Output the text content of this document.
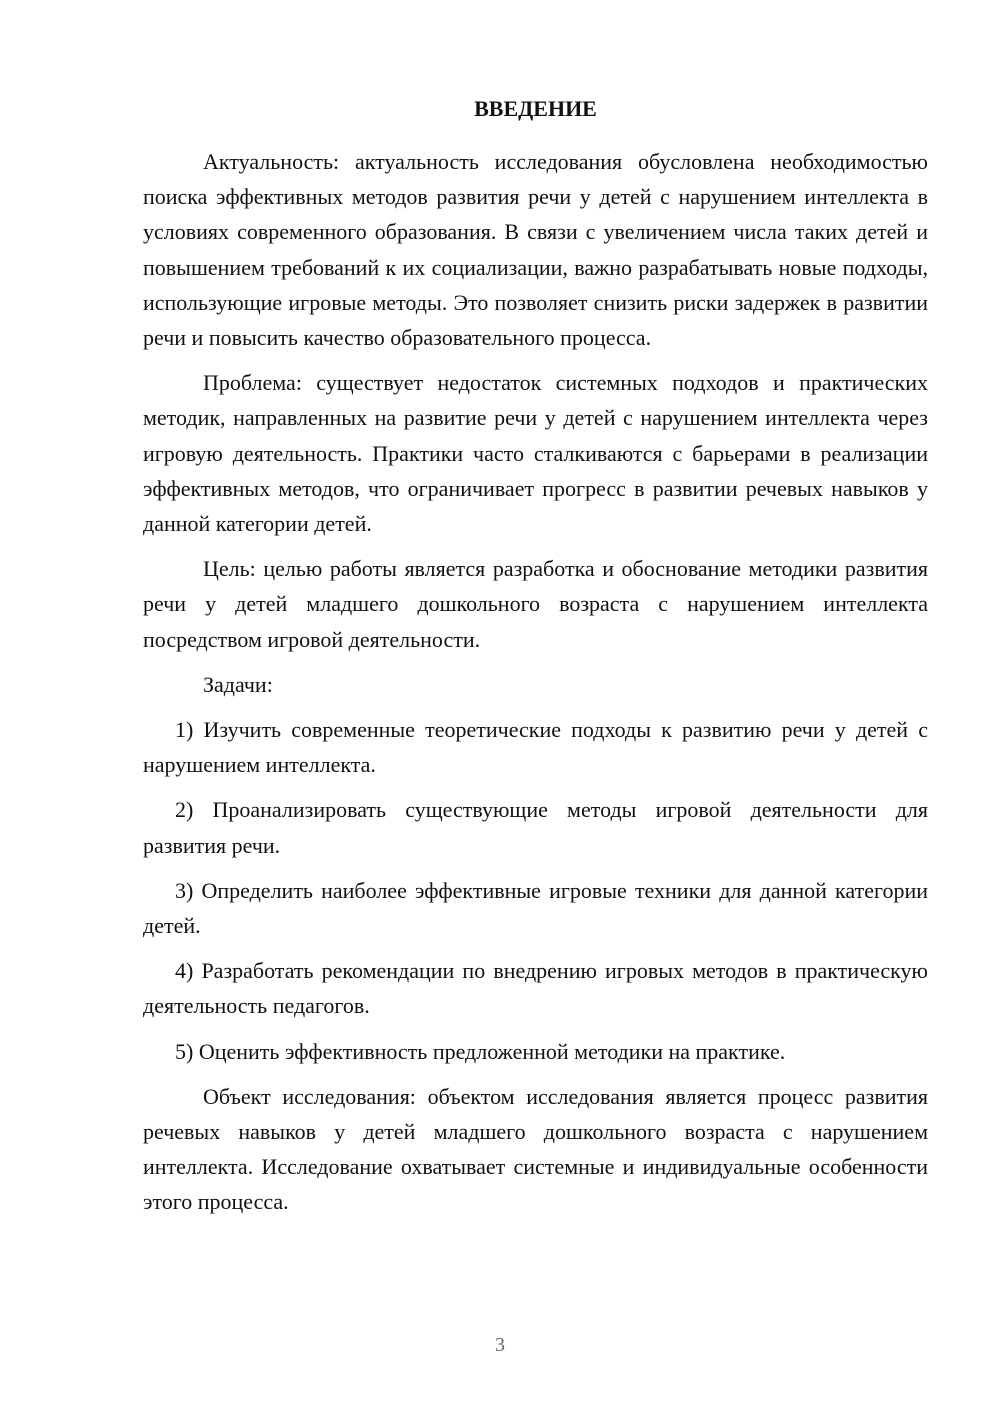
ВВЕДЕНИЕ

Актуальность: актуальность исследования обусловлена необходимостью поиска эффективных методов развития речи у детей с нарушением интеллекта в условиях современного образования. В связи с увеличением числа таких детей и повышением требований к их социализации, важно разрабатывать новые подходы, использующие игровые методы. Это позволяет снизить риски задержек в развитии речи и повысить качество образовательного процесса.

Проблема: существует недостаток системных подходов и практических методик, направленных на развитие речи у детей с нарушением интеллекта через игровую деятельность. Практики часто сталкиваются с барьерами в реализации эффективных методов, что ограничивает прогресс в развитии речевых навыков у данной категории детей.

Цель: целью работы является разработка и обоснование методики развития речи у детей младшего дошкольного возраста с нарушением интеллекта посредством игровой деятельности.

Задачи:

1) Изучить современные теоретические подходы к развитию речи у детей с нарушением интеллекта.

2) Проанализировать существующие методы игровой деятельности для развития речи.

3) Определить наиболее эффективные игровые техники для данной категории детей.

4) Разработать рекомендации по внедрению игровых методов в практическую деятельность педагогов.

5) Оценить эффективность предложенной методики на практике.

Объект исследования: объектом исследования является процесс развития речевых навыков у детей младшего дошкольного возраста с нарушением интеллекта. Исследование охватывает системные и индивидуальные особенности этого процесса.

3
